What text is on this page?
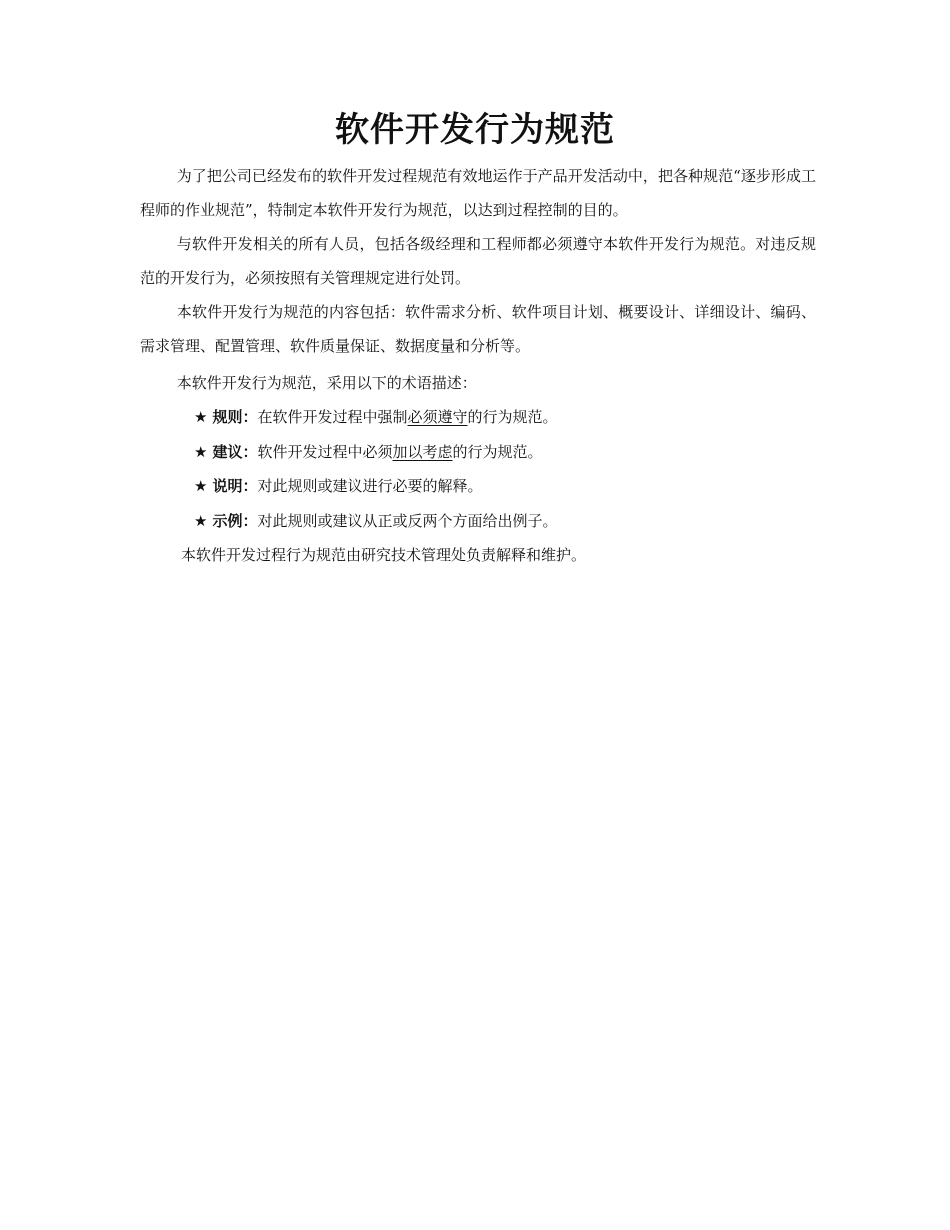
软件开发行为规范

为了把公司已经发布的软件开发过程规范有效地运作于产品开发活动中，把各种规范“逐步形成工程师的作业规范”，特制定本软件开发行为规范，以达到过程控制的目的。

与软件开发相关的所有人员，包括各级经理和工程师都必须遵守本软件开发行为规范。对违反规范的开发行为，必须按照有关管理规定进行处罚。

本软件开发行为规范的内容包括：软件需求分析、软件项目计划、概要设计、详细设计、编码、需求管理、配置管理、软件质量保证、数据度量和分析等。

本软件开发行为规范，采用以下的术语描述：

★ 规则：在软件开发过程中强制必须遵守的行为规范。
★ 建议：软件开发过程中必须加以考虑的行为规范。
★ 说明：对此规则或建议进行必要的解释。
★ 示例：对此规则或建议从正或反两个方面给出例子。

本软件开发过程行为规范由研究技术管理处负责解释和维护。
